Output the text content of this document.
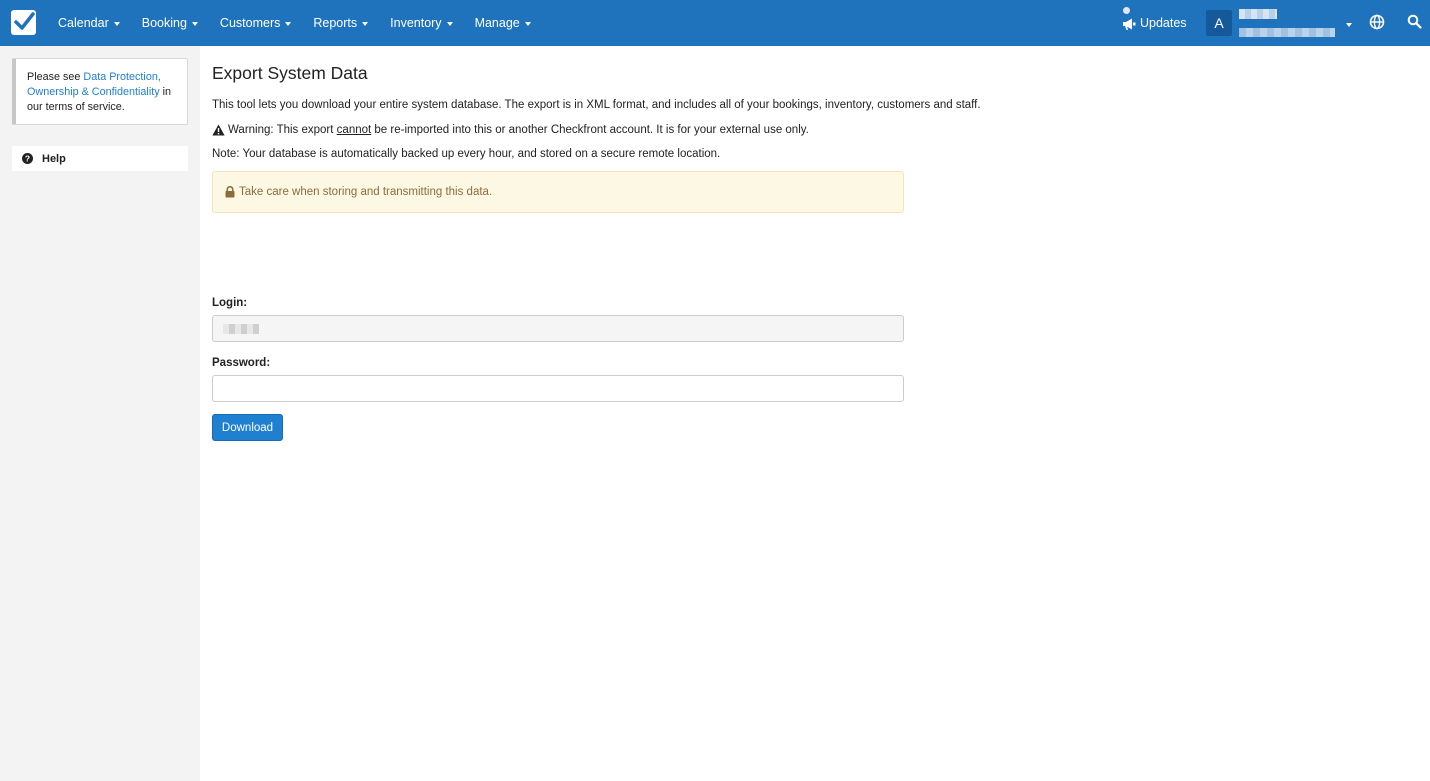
Calendar	Booking	Customers	Reports	Inventory	Manage	Updates	A
Please see Data Protection, Ownership & Confidentiality in our terms of service.
? Help
Export System Data
This tool lets you download your entire system database. The export is in XML format, and includes all of your bookings, inventory, customers and staff.
Warning: This export
cannot
be re-imported into this or another Checkfront account. It is for your external use only.
Note: Your database is automatically backed up every hour, and stored on a secure remote location.
Take care when storing and transmitting this data.
Login:
Password:
Download
